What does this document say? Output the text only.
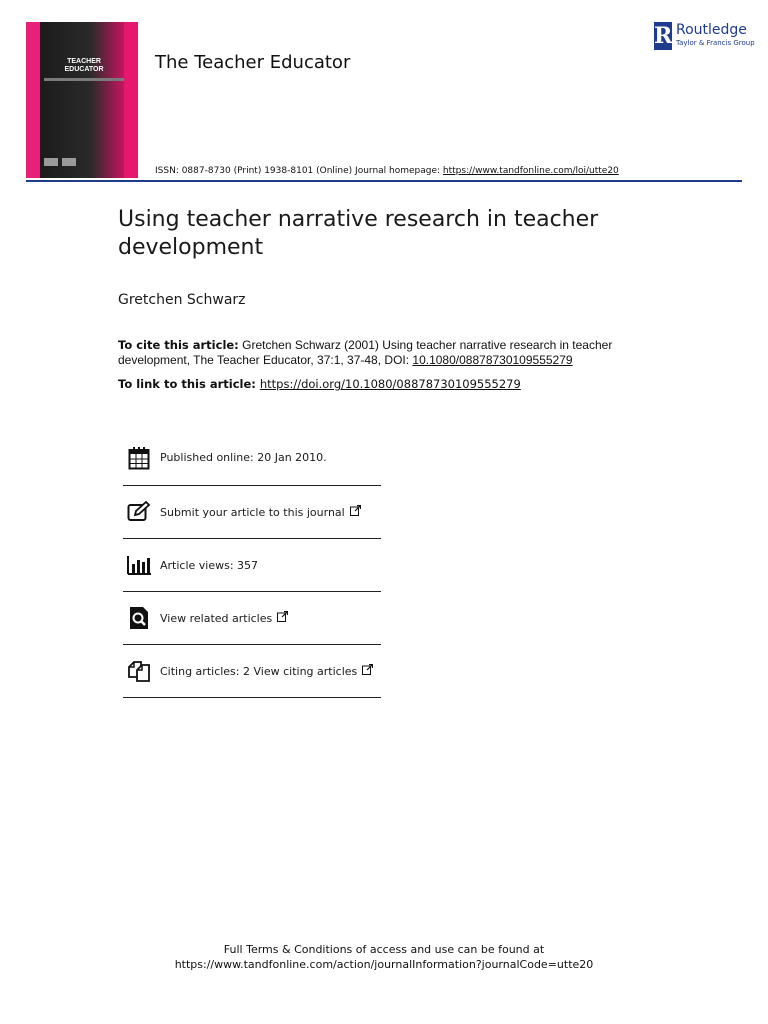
TEACHER
EDUCATOR	The Teacher Educator
R Routledge
Taylor & Francis Group
ISSN: 0887-8730 (Print) 1938-8101 (Online) Journal homepage: https://www.tandfonline.com/loi/utte20
Using teacher narrative research in teacher development
Gretchen Schwarz
To cite this article: Gretchen Schwarz (2001) Using teacher narrative research in teacher development, The Teacher Educator, 37:1, 37-48, DOI: 10.1080/08878730109555279
To link to this article: https://doi.org/10.1080/08878730109555279
Published online: 20 Jan 2010.
Submit your article to this journal
Article views: 357
View related articles
Citing articles: 2 View citing articles
Full Terms & Conditions of access and use can be found at
https://www.tandfonline.com/action/journalInformation?journalCode=utte20
